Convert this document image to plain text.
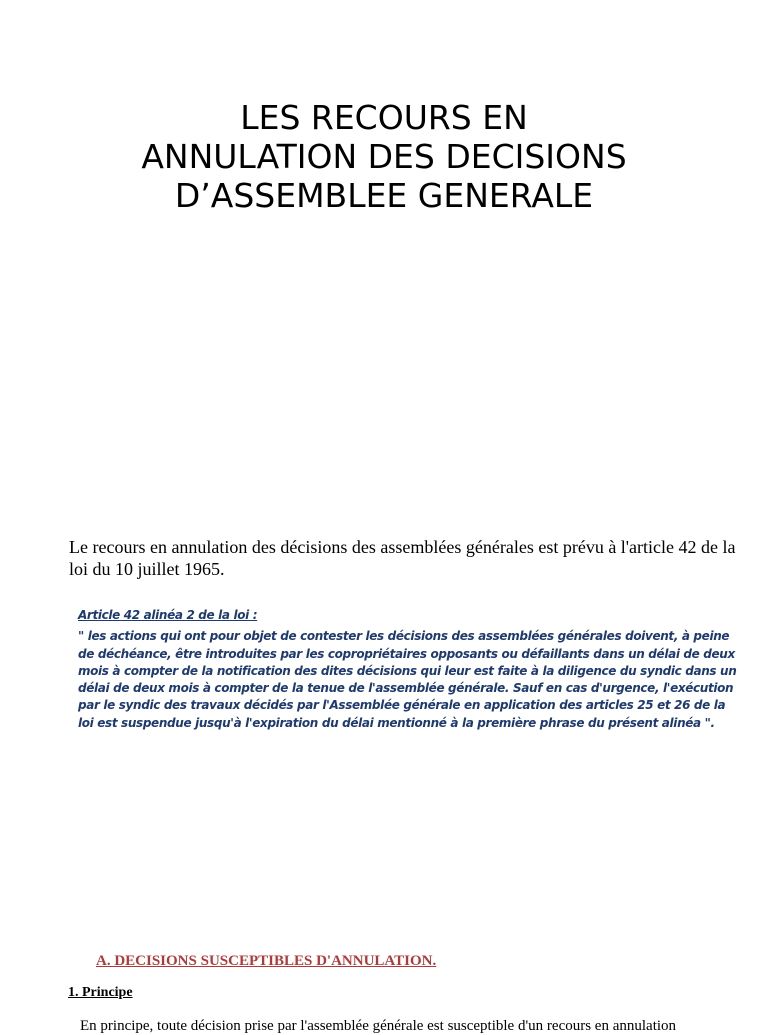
LES RECOURS EN
ANNULATION DES DECISIONS
D’ASSEMBLEE GENERALE

Le recours en annulation des décisions des assemblées générales est prévu à l'article 42 de la loi du 10 juillet 1965.

Article 42 alinéa 2 de la loi :
" les actions qui ont pour objet de contester les décisions des assemblées générales doivent, à peine
de déchéance, être introduites par les copropriétaires opposants ou défaillants dans un délai de deux
mois à compter de la notification des dites décisions qui leur est faite à la diligence du syndic dans un
délai de deux mois à compter de la tenue de l'assemblée générale. Sauf en cas d'urgence, l'exécution
par le syndic des travaux décidés par l'Assemblée générale en application des articles 25 et 26 de la
loi est suspendue jusqu'à l'expiration du délai mentionné à la première phrase du présent alinéa ".
A. DECISIONS SUSCEPTIBLES D'ANNULATION.
1. Principe
En principe, toute décision prise par l'assemblée générale est susceptible d'un recours en annulation
